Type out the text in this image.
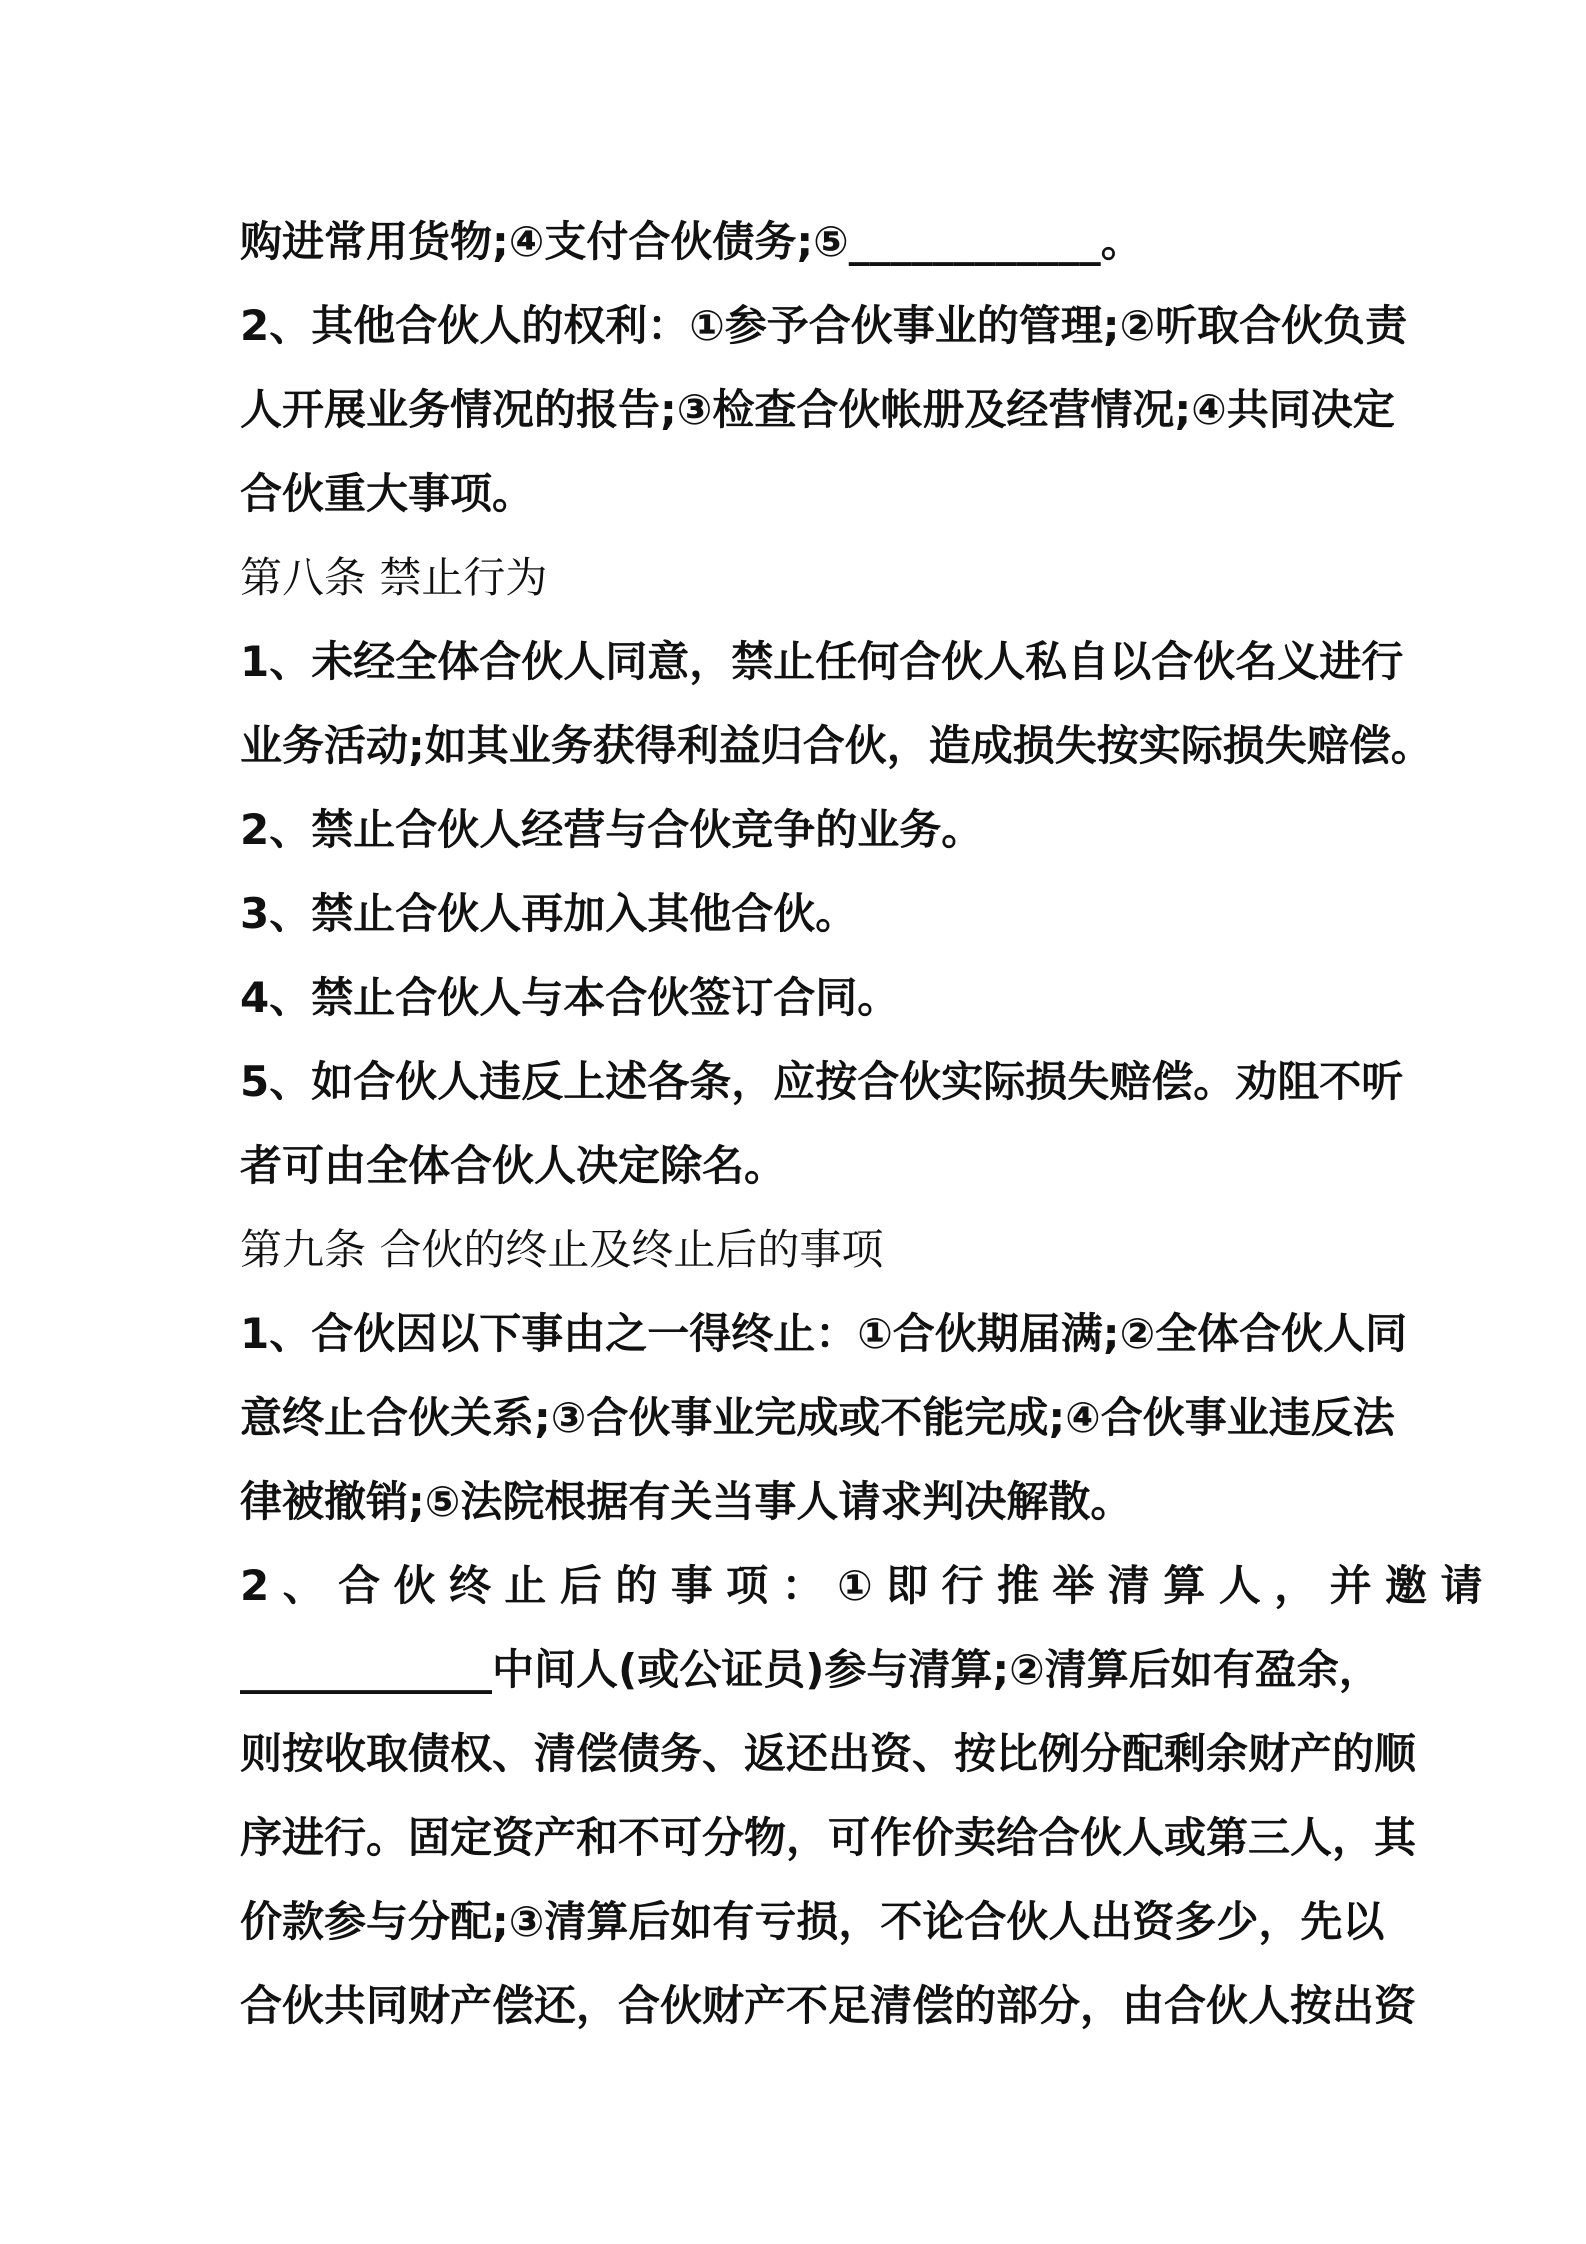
购进常用货物;④支付合伙债务;⑤____________。
2、其他合伙人的权利：①参予合伙事业的管理;②听取合伙负责
人开展业务情况的报告;③检查合伙帐册及经营情况;④共同决定
合伙重大事项。
第八条 禁止行为
1、未经全体合伙人同意，禁止任何合伙人私自以合伙名义进行
业务活动;如其业务获得利益归合伙，造成损失按实际损失赔偿。
2、禁止合伙人经营与合伙竞争的业务。
3、禁止合伙人再加入其他合伙。
4、禁止合伙人与本合伙签订合同。
5、如合伙人违反上述各条，应按合伙实际损失赔偿。劝阻不听
者可由全体合伙人决定除名。
第九条 合伙的终止及终止后的事项
1、合伙因以下事由之一得终止：①合伙期届满;②全体合伙人同
意终止合伙关系;③合伙事业完成或不能完成;④合伙事业违反法
律被撤销;⑤法院根据有关当事人请求判决解散。
2、合伙终止后的事项：①即行推举清算人，并邀请
____________中间人(或公证员)参与清算;②清算后如有盈余，
则按收取债权、清偿债务、返还出资、按比例分配剩余财产的顺
序进行。固定资产和不可分物，可作价卖给合伙人或第三人，其
价款参与分配;③清算后如有亏损，不论合伙人出资多少，先以
合伙共同财产偿还，合伙财产不足清偿的部分，由合伙人按出资
